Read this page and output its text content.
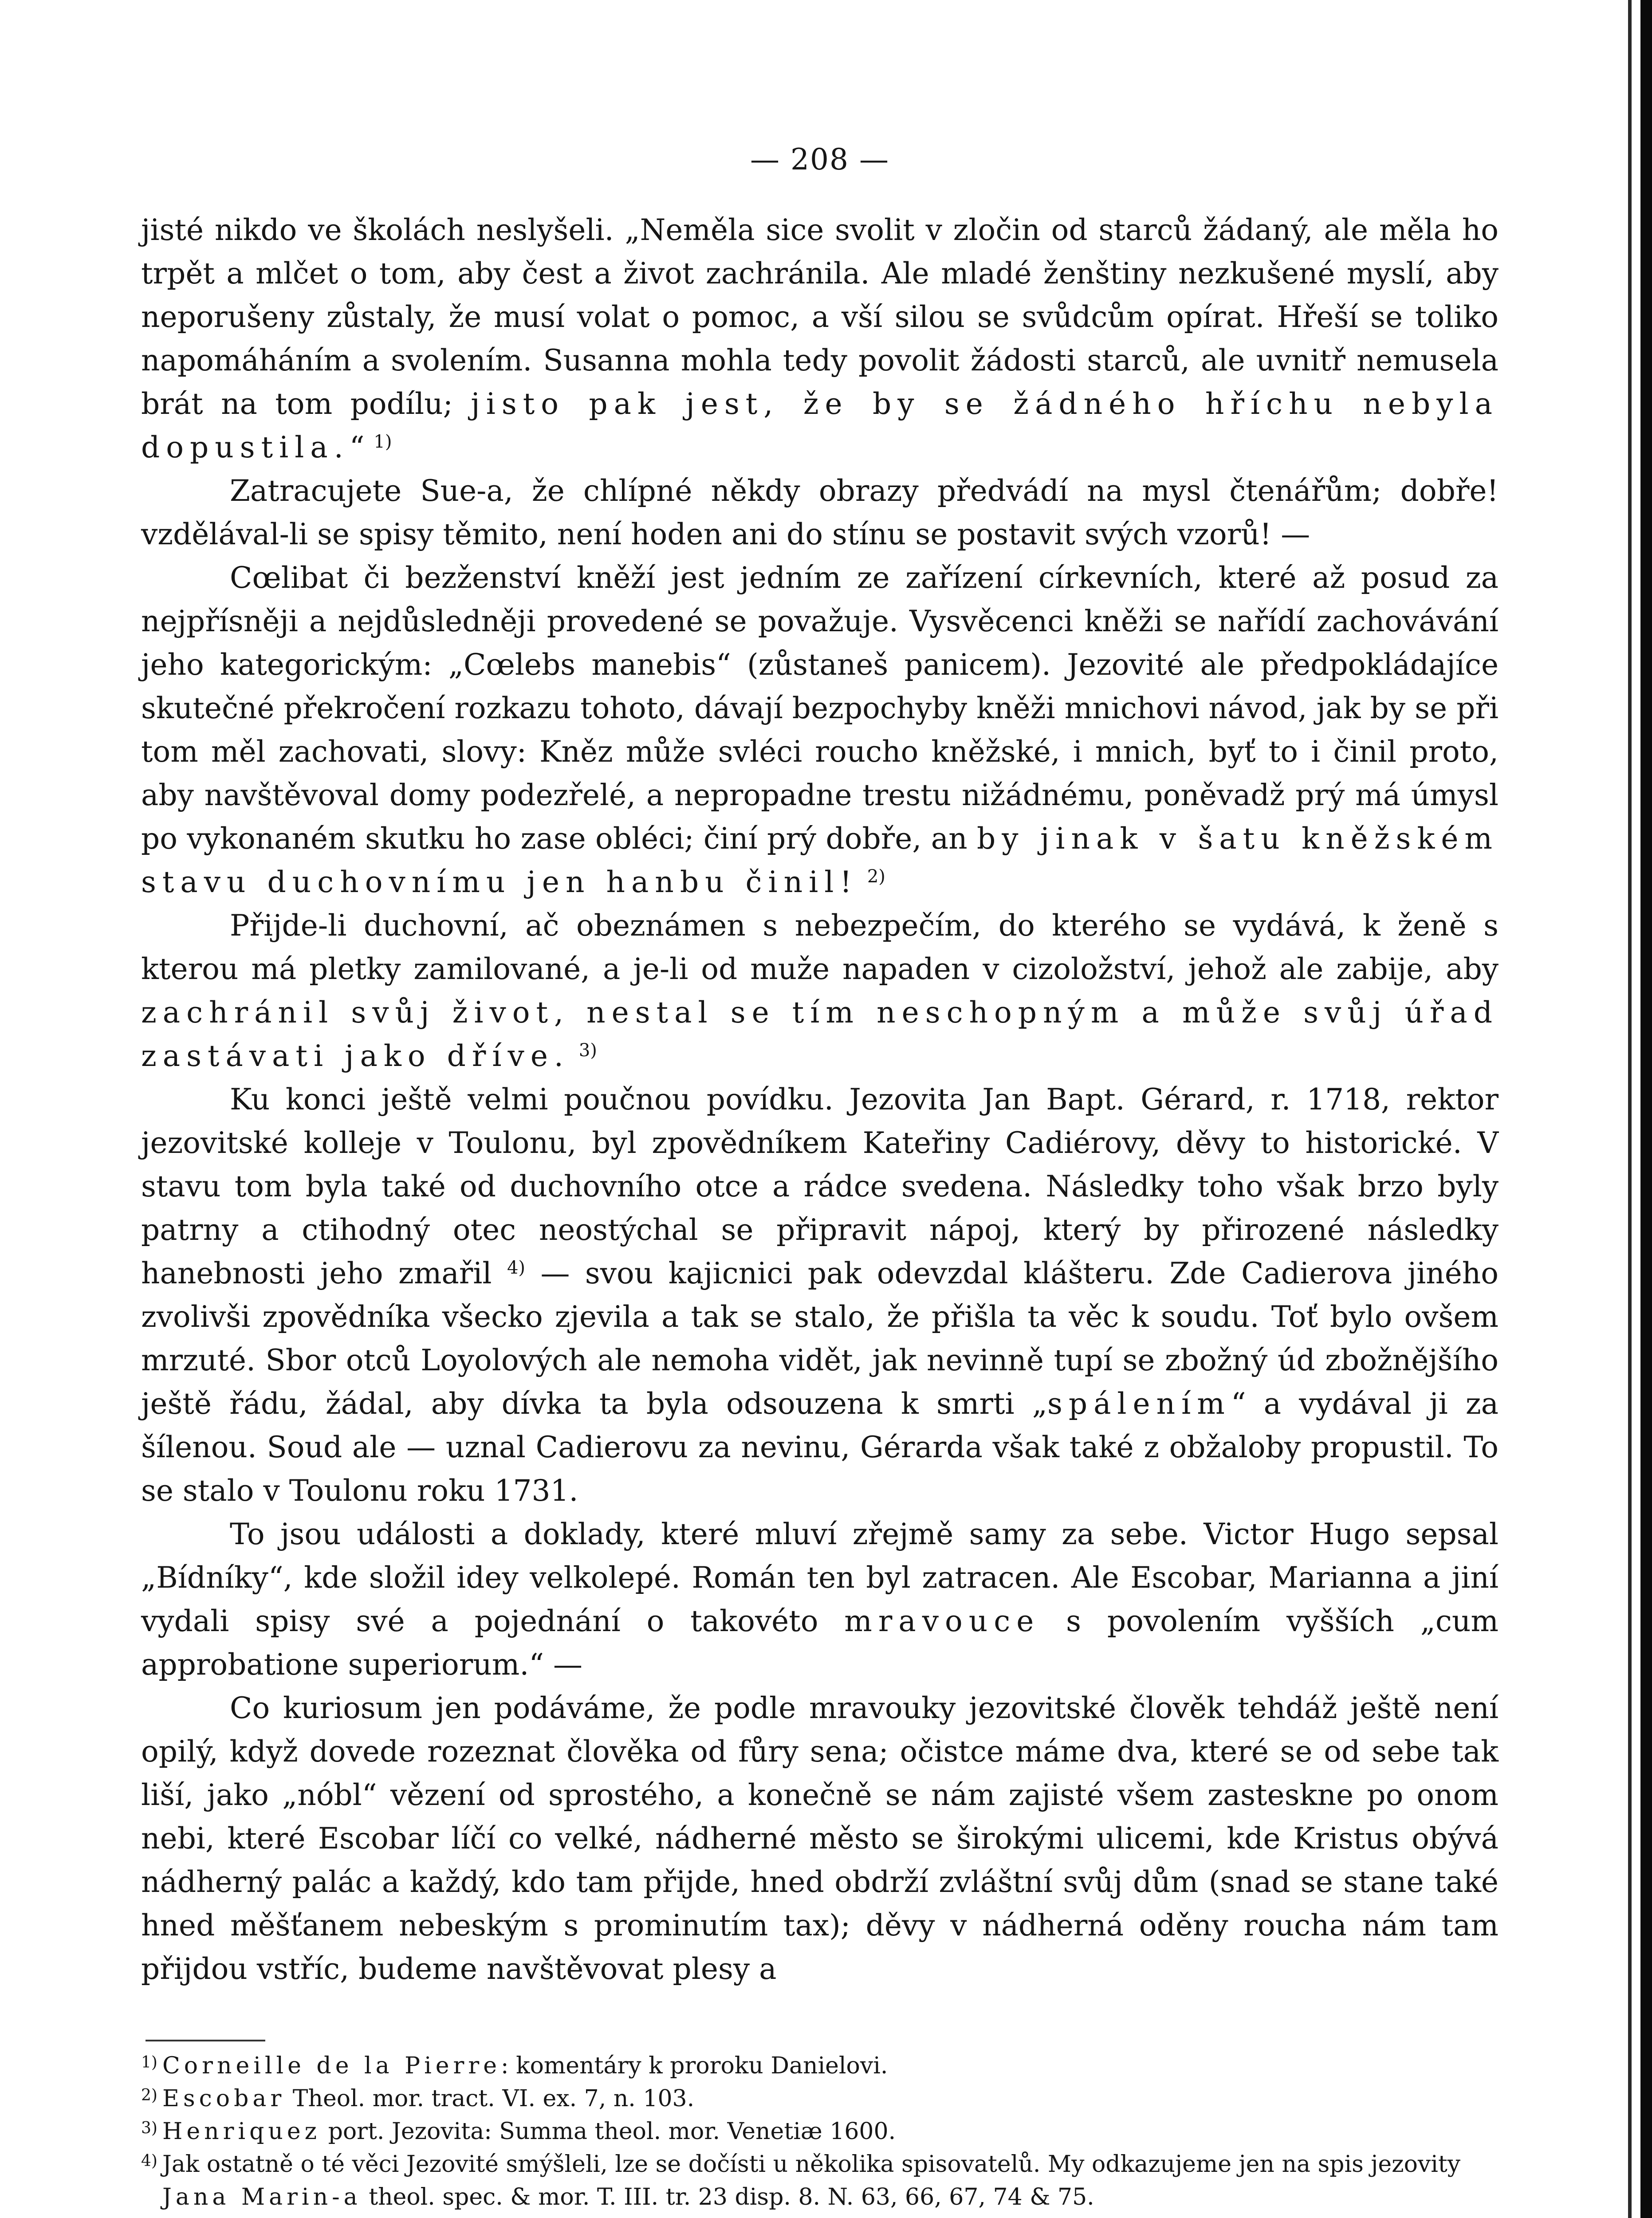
— 208 —

jisté nikdo ve školách neslyšeli. „Neměla sice svolit v zločin od starců žádaný, ale měla ho trpět a mlčet o tom, aby čest a život zachránila. Ale mladé ženštiny nezkušené myslí, aby neporušeny zůstaly, že musí volat o pomoc, a vší silou se svůdcům opírat. Hřeší se toliko napomáháním a svolením. Susanna mohla tedy povolit žádosti starců, ale uvnitř nemusela brát na tom podílu; jisto pak jest, že by se žádného hříchu nebyla dopustila.“ $^{1)}$

Zatracujete Sue-a, že chlípné někdy obrazy předvádí na mysl čtenářům; dobře! vzdělával-li se spisy těmito, není hoden ani do stínu se postavit svých vzorů! —

Cœlibat či bezženství kněží jest jedním ze zařízení církevních, které až posud za nejpřísněji a nejdůsledněji provedené se považuje. Vysvěcenci kněži se nařídí zachovávání jeho kategorickým: „Cœlebs manebis“ (zůstaneš panicem). Jezovité ale předpokládajíce skutečné překročení rozkazu tohoto, dávají bezpochyby kněži mnichovi návod, jak by se při tom měl zachovati, slovy: Kněz může svléci roucho kněžské, i mnich, byť to i činil proto, aby navštěvoval domy podezřelé, a nepropadne trestu nižádnému, poněvadž prý má úmysl po vykonaném skutku ho zase obléci; činí prý dobře, an by jinak v šatu kněžském stavu duchovnímu jen hanbu činil! $^{2)}$

Přijde-li duchovní, ač obeznámen s nebezpečím, do kterého se vydává, k ženě s kterou má pletky zamilované, a je-li od muže napaden v cizoložství, jehož ale zabije, aby zachránil svůj život, nestal se tím neschopným a může svůj úřad zastávati jako dříve. $^{3)}$

Ku konci ještě velmi poučnou povídku. Jezovita Jan Bapt. Gérard, r. 1718, rektor jezovitské kolleje v Toulonu, byl zpovědníkem Kateřiny Cadiérovy, děvy to historické. V stavu tom byla také od duchovního otce a rádce svedena. Následky toho však brzo byly patrny a ctihodný otec neostýchal se připravit nápoj, který by přirozené následky hanebnosti jeho zmařil $^{4)}$ — svou kajicnici pak odevzdal klášteru. Zde Cadierova jiného zvolivši zpovědníka všecko zjevila a tak se stalo, že přišla ta věc k soudu. Toť bylo ovšem mrzuté. Sbor otců Loyolových ale nemoha vidět, jak nevinně tupí se zbožný úd zbožnějšího ještě řádu, žádal, aby dívka ta byla odsouzena k smrti „spálením“ a vydával ji za šílenou. Soud ale — uznal Cadierovu za nevinu, Gérarda však také z obžaloby propustil. To se stalo v Toulonu roku 1731.

To jsou události a doklady, které mluví zřejmě samy za sebe. Victor Hugo sepsal „Bídníky“, kde složil idey velkolepé. Román ten byl zatracen. Ale Escobar, Marianna a jiní vydali spisy své a pojednání o takovéto mravouce s povolením vyšších „cum approbatione superiorum.“ —

Co kuriosum jen podáváme, že podle mravouky jezovitské člověk tehdáž ještě není opilý, když dovede rozeznat člověka od fůry sena; očistce máme dva, které se od sebe tak liší, jako „nóbl“ vězení od sprostého, a konečně se nám zajisté všem zasteskne po onom nebi, které Escobar líčí co velké, nádherné město se širokými ulicemi, kde Kristus obývá nádherný palác a každý, kdo tam přijde, hned obdrží zvláštní svůj dům (snad se stane také hned měšťanem nebeským s prominutím tax); děvy v nádherná oděny roucha nám tam přijdou vstříc, budeme navštěvovat plesy a

1) Corneille de la Pierre: komentáry k proroku Danielovi.
2) Escobar Theol. mor. tract. VI. ex. 7, n. 103.
3) Henriquez port. Jezovita: Summa theol. mor. Venetiæ 1600.
4) Jak ostatně o té věci Jezovité smýšleli, lze se dočísti u několika spisovatelů. My odkazujeme jen na spis jezovity Jana Marin-a theol. spec. & mor. T. III. tr. 23 disp. 8. N. 63, 66, 67, 74 & 75.
